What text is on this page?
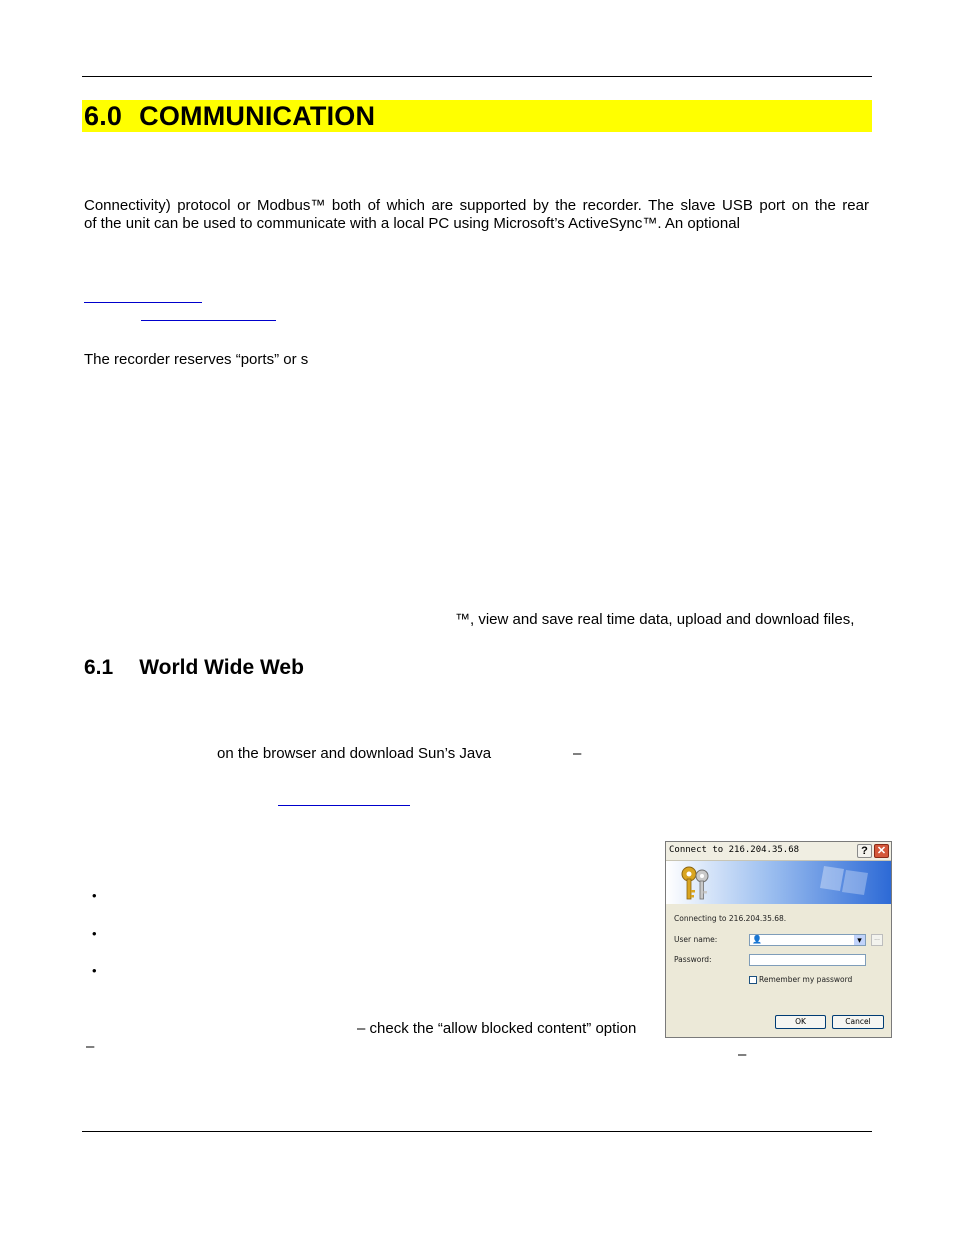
6.0 COMMUNICATION
Connectivity) protocol or Modbus™ both of which are supported by the recorder. The slave USB port on the rear
of the unit can be used to communicate with a local PC using Microsoft’s ActiveSync™. An optional
The recorder reserves “ports” or s
™, view and save real time data, upload and download files,
6.1 World Wide Web
on the browser and download Sun’s Java	–
•
•
•
– check the “allow blocked content” option
–	–
Connect to 216.204.35.68	? ✕
Connecting to 216.204.35.68.
User name:	👤	▾	...
Password:
Remember my password
OK	Cancel
